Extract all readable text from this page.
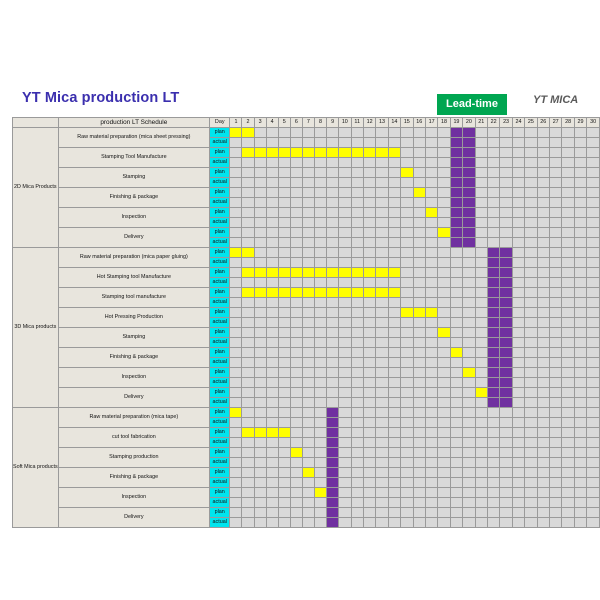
YT Mica production LT	Lead-time	YT MICA
	production LT Schedule	Day	1	2	3	4	5	6	7	8	9	10	11	12	13	14	15	16	17	18	19	20	21	22	23	24	25	26	27	28	29	30
2D Mica Products	Raw material preparation (mica sheet pressing)	plan																														
		actual																														
	Stamping Tool Manufacture	plan																														
		actual																														
	Stamping	plan																														
		actual																														
	Finishing & package	plan																														
		actual																														
	Inspection	plan																														
		actual																														
	Delivery	plan																														
		actual																														
3D Mica products	Raw material preparation (mica paper gluing)	plan																														
		actual																														
	Hot Stamping tool Manufacture	plan																														
		actual																														
	Stamping tool manufacture	plan																														
		actual																														
	Hot Pressing Production	plan																														
		actual																														
	Stamping	plan																														
		actual																														
	Finishing & package	plan																														
		actual																														
	Inspection	plan																														
		actual																														
	Delivery	plan																														
		actual																														
Soft Mica products	Raw material preparation (mica tape)	plan																														
		actual																														
	cut tool fabrication	plan																														
		actual																														
	Stamping production	plan																														
		actual																														
	Finishing & package	plan																														
		actual																														
	Inspection	plan																														
		actual																														
	Delivery	plan																														
		actual																														
